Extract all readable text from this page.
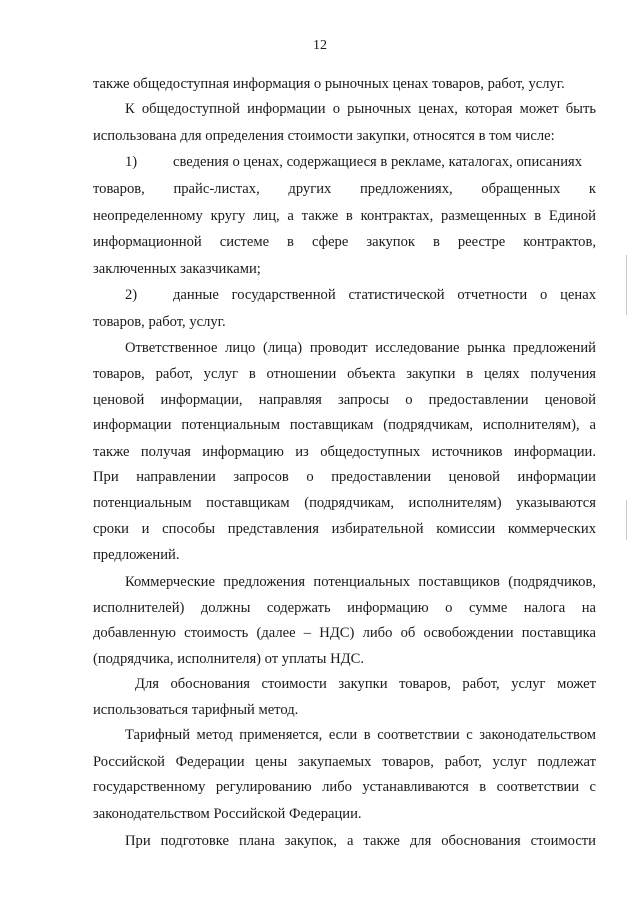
12
также общедоступная информация о рыночных ценах товаров, работ, услуг.
К общедоступной информации о рыночных ценах, которая может быть
использована для определения стоимости закупки, относятся в том числе:
1) сведения о ценах, содержащиеся в рекламе, каталогах, описаниях
товаров, прайс-листах, других предложениях, обращенных к
неопределенному кругу лиц, а также в контрактах, размещенных в Единой
информационной системе в сфере закупок в реестре контрактов,
заключенных заказчиками;
2) данные государственной статистической отчетности о ценах
товаров, работ, услуг.
Ответственное лицо (лица) проводит исследование рынка предложений
товаров, работ, услуг в отношении объекта закупки в целях получения
ценовой информации, направляя запросы о предоставлении ценовой
информации потенциальным поставщикам (подрядчикам, исполнителям), а
также получая информацию из общедоступных источников информации.
При направлении запросов о предоставлении ценовой информации
потенциальным поставщикам (подрядчикам, исполнителям) указываются
сроки и способы представления избирательной комиссии коммерческих
предложений.
Коммерческие предложения потенциальных поставщиков (подрядчиков,
исполнителей) должны содержать информацию о сумме налога на
добавленную стоимость (далее – НДС) либо об освобождении поставщика
(подрядчика, исполнителя) от уплаты НДС.
Для обоснования стоимости закупки товаров, работ, услуг может
использоваться тарифный метод.
Тарифный метод применяется, если в соответствии с законодательством
Российской Федерации цены закупаемых товаров, работ, услуг подлежат
государственному регулированию либо устанавливаются в соответствии с
законодательством Российской Федерации.
При подготовке плана закупок, а также для обоснования стоимости
